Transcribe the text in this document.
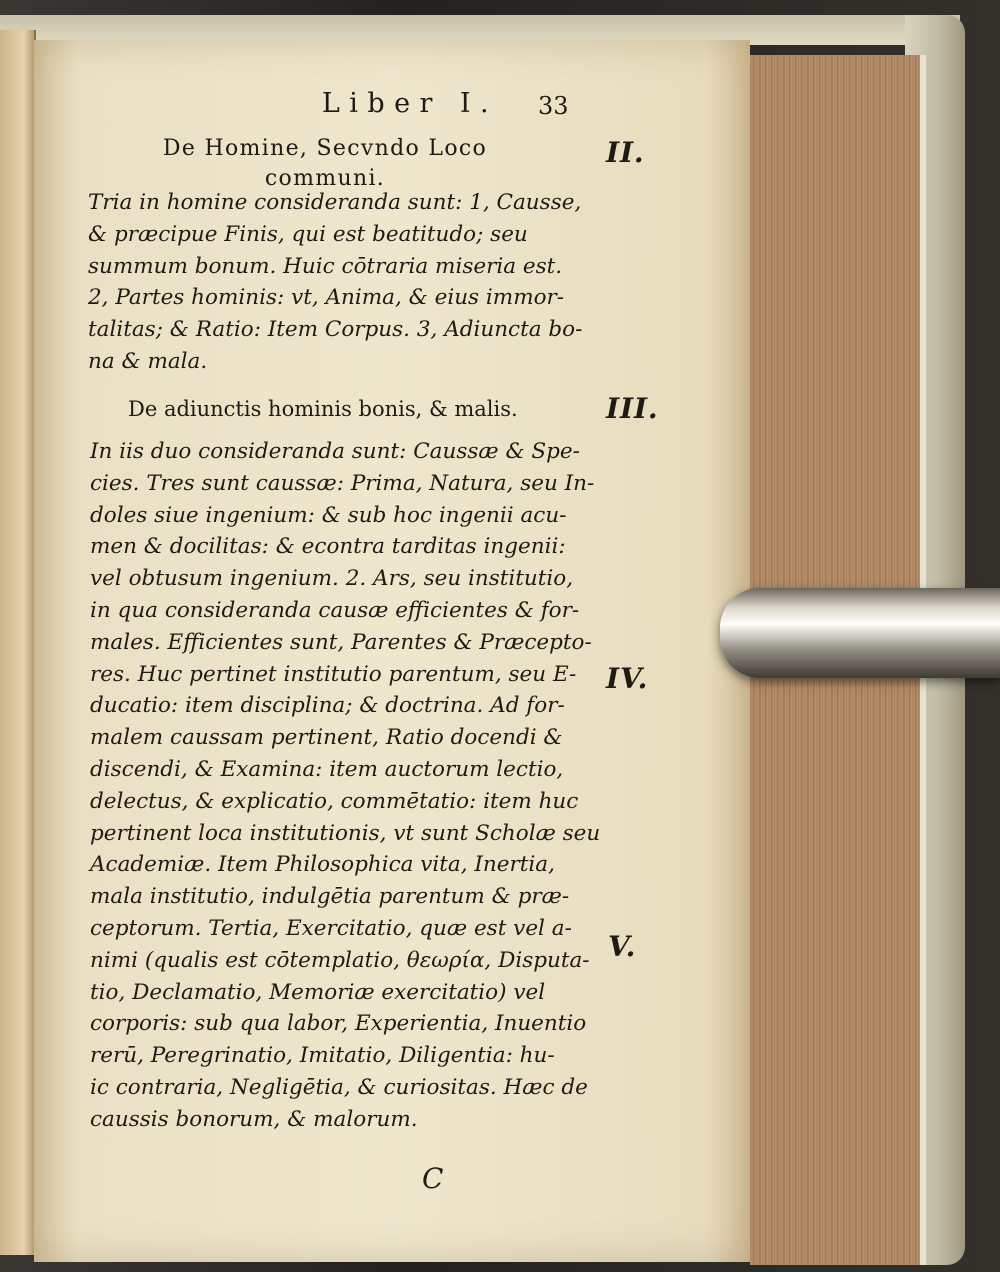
Liber I.	33
De Homine, Secvndo Loco communi.
Tria in homine consideranda sunt: 1, Causse,
& præcipue Finis, qui est beatitudo; seu
summum bonum. Huic cōtraria miseria est.
2, Partes hominis: vt, Anima, & eius immor-
talitas; & Ratio: Item Corpus. 3, Adiuncta bo-
na & mala.
De adiunctis hominis bonis, & malis.
In iis duo consideranda sunt: Caussæ & Spe-
cies. Tres sunt caussæ: Prima, Natura, seu In-
doles siue ingenium: & sub hoc ingenii acu-
men & docilitas: & econtra tarditas ingenii:
vel obtusum ingenium. 2. Ars, seu institutio,
in qua consideranda causæ efficientes & for-
males. Efficientes sunt, Parentes & Præcepto-
res. Huc pertinet institutio parentum, seu E-
ducatio: item disciplina; & doctrina. Ad for-
malem caussam pertinent, Ratio docendi &
discendi, & Examina: item auctorum lectio,
delectus, & explicatio, commētatio: item huc
pertinent loca institutionis, vt sunt Scholæ seu
Academiæ. Item Philosophica vita, Inertia,
mala institutio, indulgētia parentum & præ-
ceptorum. Tertia, Exercitatio, quæ est vel a-
nimi (qualis est cōtemplatio, θεωρία, Disputa-
tio, Declamatio, Memoriæ exercitatio) vel
corporis: sub qua labor, Experientia, Inuentio
rerū, Peregrinatio, Imitatio, Diligentia: hu-
ic contraria, Negligētia, & curiositas. Hæc de
caussis bonorum, & malorum.
C
II.
III.
IV.
V.
